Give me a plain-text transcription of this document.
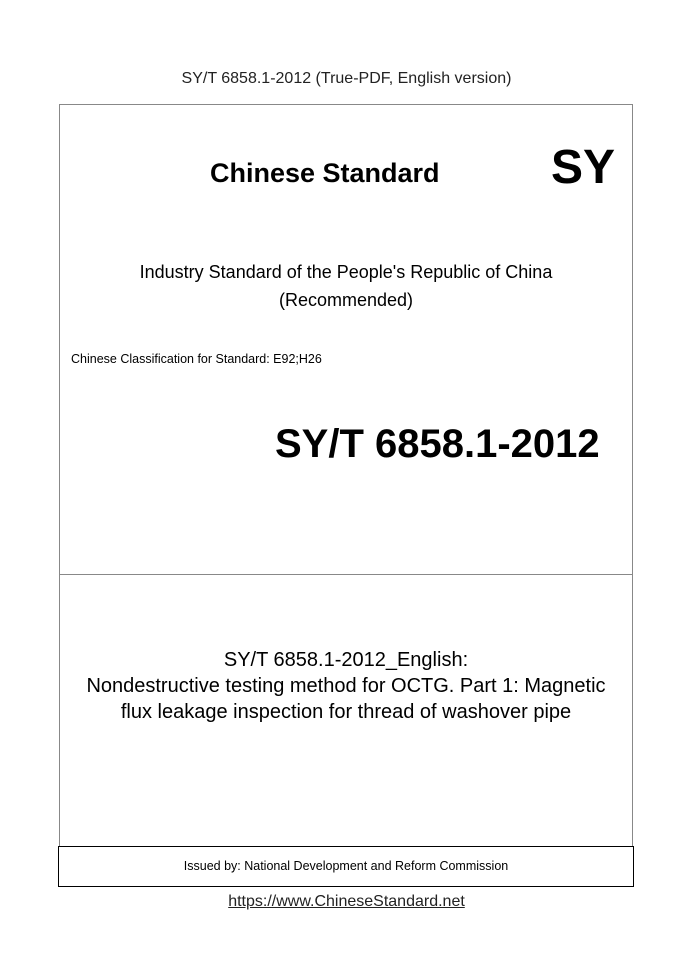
SY/T 6858.1-2012 (True-PDF, English version)
Chinese Standard SY
Industry Standard of the People's Republic of China
(Recommended)
Chinese Classification for Standard: E92;H26
SY/T 6858.1-2012
SY/T 6858.1-2012_English:
Nondestructive testing method for OCTG. Part 1: Magnetic
flux leakage inspection for thread of washover pipe
Issued by: National Development and Reform Commission
https://www.ChineseStandard.net
